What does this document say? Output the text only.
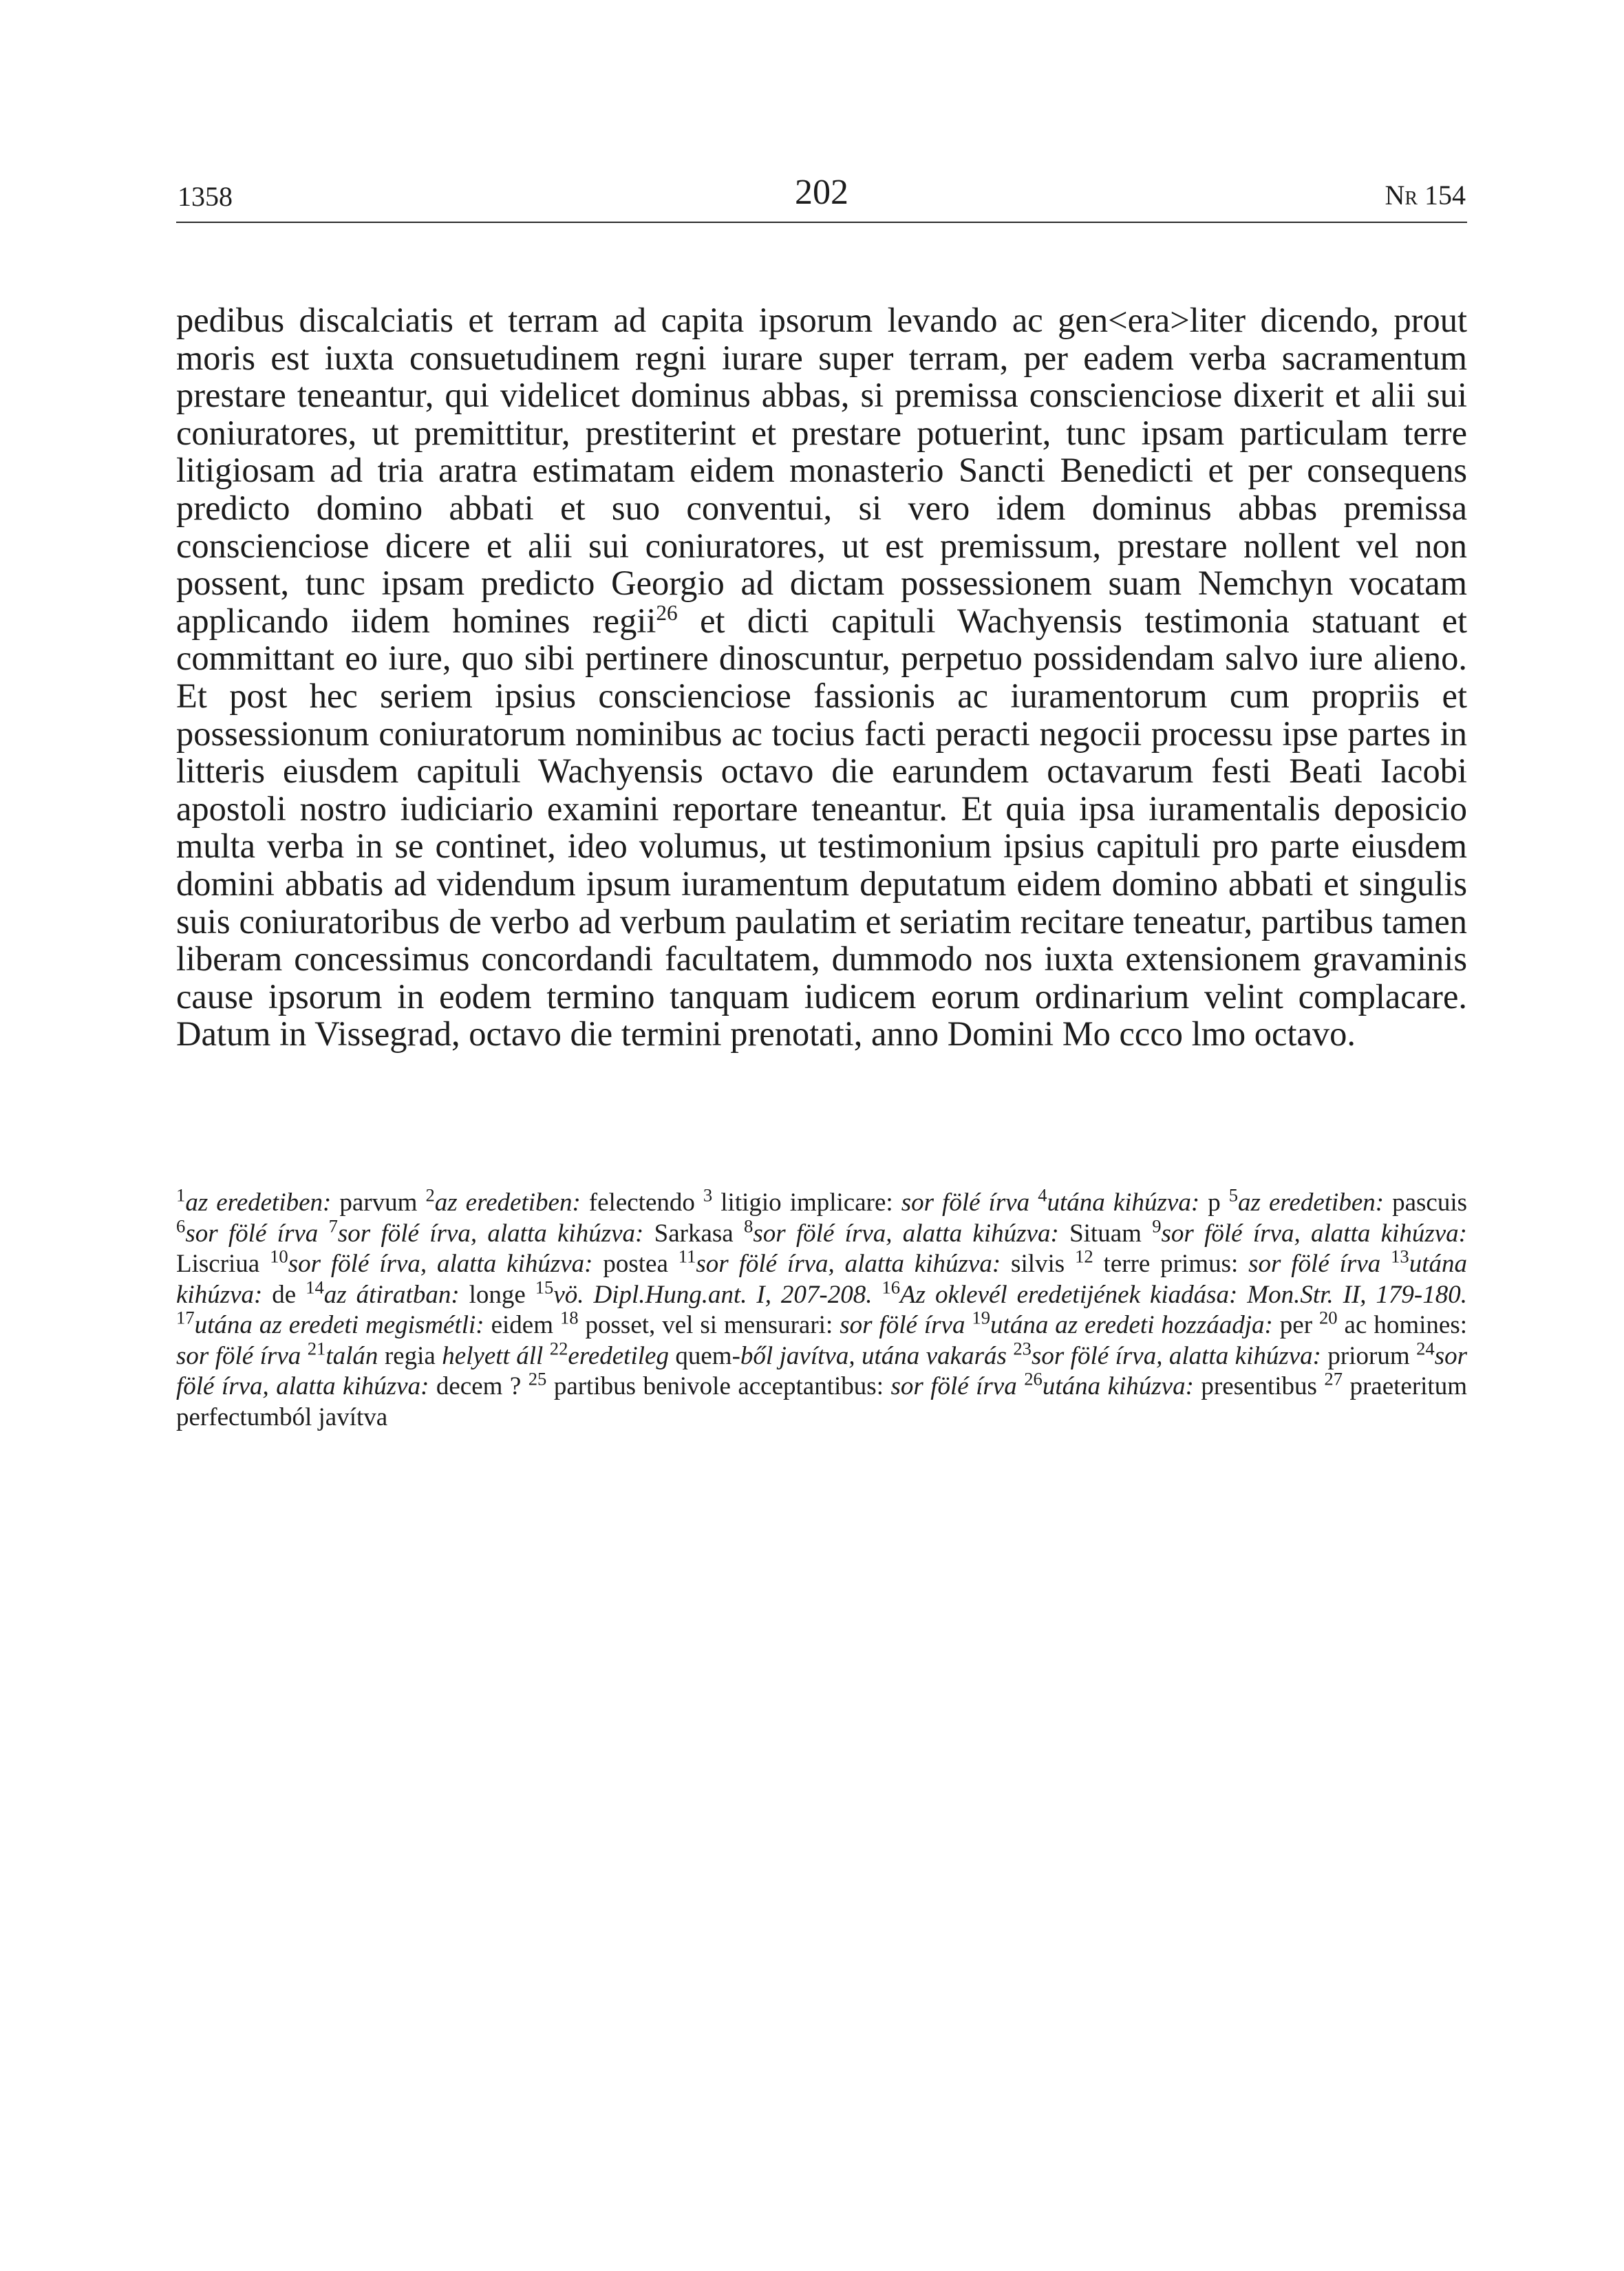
1358	202	Nr 154

pedibus discalciatis et terram ad capita ipsorum levando ac gen<era>liter dicendo, prout moris est iuxta consuetudinem regni iurare super terram, per eadem verba sacramentum prestare teneantur, qui videlicet dominus abbas, si premissa conscienciose dixerit et alii sui coniuratores, ut premittitur, prestiterint et prestare potuerint, tunc ipsam particulam terre litigiosam ad tria aratra estimatam eidem monasterio Sancti Benedicti et per consequens predicto domino abbati et suo conventui, si vero idem dominus abbas premissa conscienciose dicere et alii sui coniuratores, ut est premissum, prestare nollent vel non possent, tunc ipsam predicto Georgio ad dictam possessionem suam Nemchyn vocatam applicando iidem homines regii$^{26}$ et dicti capituli Wachyensis testimonia statuant et committant eo iure, quo sibi pertinere dinoscuntur, perpetuo possidendam salvo iure alieno. Et post hec seriem ipsius conscienciose fassionis ac iuramentorum cum propriis et possessionum coniuratorum nominibus ac tocius facti peracti negocii processu ipse partes in litteris eiusdem capituli Wachyensis octavo die earundem octavarum festi Beati Iacobi apostoli nostro iudiciario examini reportare teneantur. Et quia ipsa iuramentalis deposicio multa verba in se continet, ideo volumus, ut testimonium ipsius capituli pro parte eiusdem domini abbatis ad videndum ipsum iuramentum deputatum eidem domino abbati et singulis suis coniuratoribus de verbo ad verbum paulatim et seriatim recitare teneatur, partibus tamen liberam concessimus concordandi facultatem, dummodo nos iuxta extensionem gravaminis cause ipsorum in eodem termino tanquam iudicem eorum ordinarium velint complacare. Datum in Vissegrad, octavo die termini prenotati, anno Domini Mo ccco lmo octavo.

$^1$az eredetiben: parvum $^2$az eredetiben: felectendo $^3$ litigio implicare: sor fölé írva $^4$utána kihúzva: p $^5$az eredetiben: pascuis $^6$sor fölé írva $^7$sor fölé írva, alatta kihúzva: Sarkasa $^8$sor fölé írva, alatta kihúzva: Situam $^9$sor fölé írva, alatta kihúzva: Liscriua $^{10}$sor fölé írva, alatta kihúzva: postea $^{11}$sor fölé írva, alatta kihúzva: silvis $^{12}$ terre primus: sor fölé írva $^{13}$utána kihúzva: de $^{14}$az átiratban: longe $^{15}$vö. Dipl.Hung.ant. I, 207-208. $^{16}$Az oklevél eredetijének kiadása: Mon.Str. II, 179-180. $^{17}$utána az eredeti megismétli: eidem $^{18}$ posset, vel si mensurari: sor fölé írva $^{19}$utána az eredeti hozzáadja: per $^{20}$ ac homines: sor fölé írva $^{21}$talán regia helyett áll $^{22}$eredetileg quem-ből javítva, utána vakarás $^{23}$sor fölé írva, alatta kihúzva: priorum $^{24}$sor fölé írva, alatta kihúzva: decem ? $^{25}$ partibus benivole acceptantibus: sor fölé írva $^{26}$utána kihúzva: presentibus $^{27}$ praeteritum perfectumból javítva
